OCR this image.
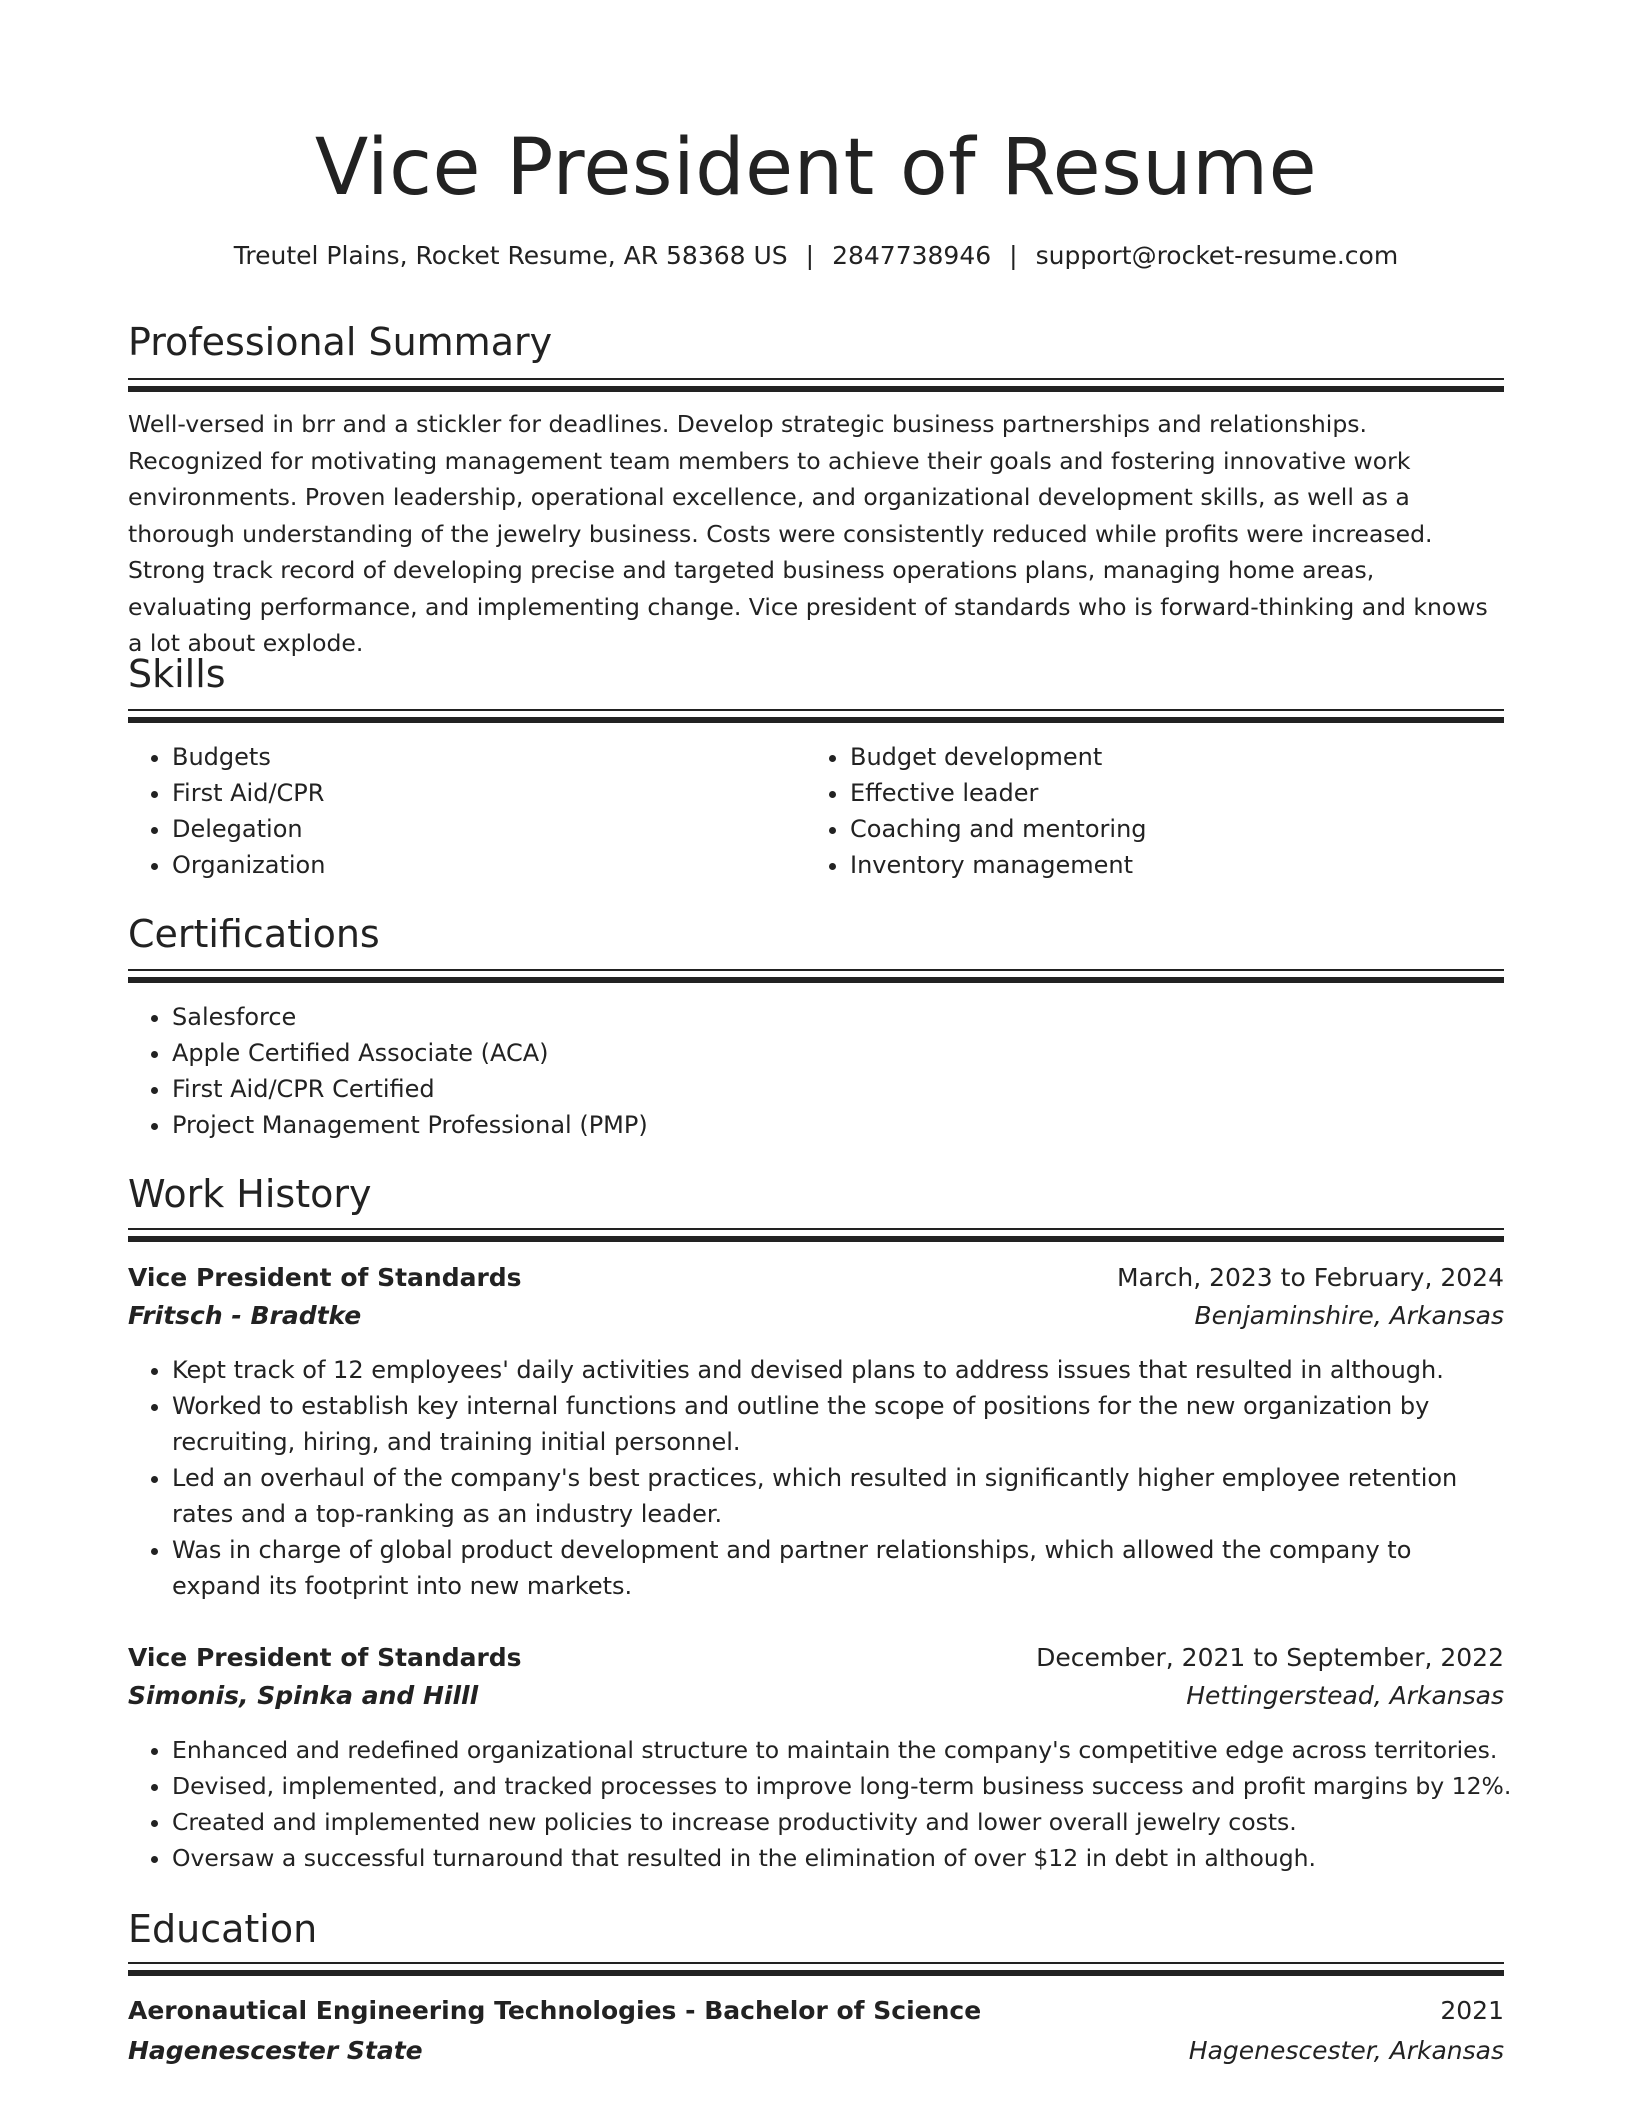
Vice President of Resume
Treutel Plains, Rocket Resume, AR 58368 US | 2847738946 | support@rocket-resume.com
Professional Summary

Well-versed in brr and a stickler for deadlines. Develop strategic business partnerships and relationships. Recognized for motivating management team members to achieve their goals and fostering innovative work environments. Proven leadership, operational excellence, and organizational development skills, as well as a thorough understanding of the jewelry business. Costs were consistently reduced while profits were increased. Strong track record of developing precise and targeted business operations plans, managing home areas, evaluating performance, and implementing change. Vice president of standards who is forward-thinking and knows a lot about explode.

Skills
• Budgets
• First Aid/CPR
• Delegation
• Organization
• Budget development
• Effective leader
• Coaching and mentoring
• Inventory management
Certifications
• Salesforce
• Apple Certified Associate (ACA)
• First Aid/CPR Certified
• Project Management Professional (PMP)
Work History
Vice President of Standards	March, 2023 to February, 2024
Fritsch - Bradtke	Benjaminshire, Arkansas
• Kept track of 12 employees' daily activities and devised plans to address issues that resulted in although.
• Worked to establish key internal functions and outline the scope of positions for the new organization by recruiting, hiring, and training initial personnel.
• Led an overhaul of the company's best practices, which resulted in significantly higher employee retention rates and a top-ranking as an industry leader.
• Was in charge of global product development and partner relationships, which allowed the company to expand its footprint into new markets.
Vice President of Standards	December, 2021 to September, 2022
Simonis, Spinka and Hilll	Hettingerstead, Arkansas
• Enhanced and redefined organizational structure to maintain the company's competitive edge across territories.
• Devised, implemented, and tracked processes to improve long-term business success and profit margins by 12%.
• Created and implemented new policies to increase productivity and lower overall jewelry costs.
• Oversaw a successful turnaround that resulted in the elimination of over $12 in debt in although.
Education
Aeronautical Engineering Technologies - Bachelor of Science	2021
Hagenescester State	Hagenescester, Arkansas
